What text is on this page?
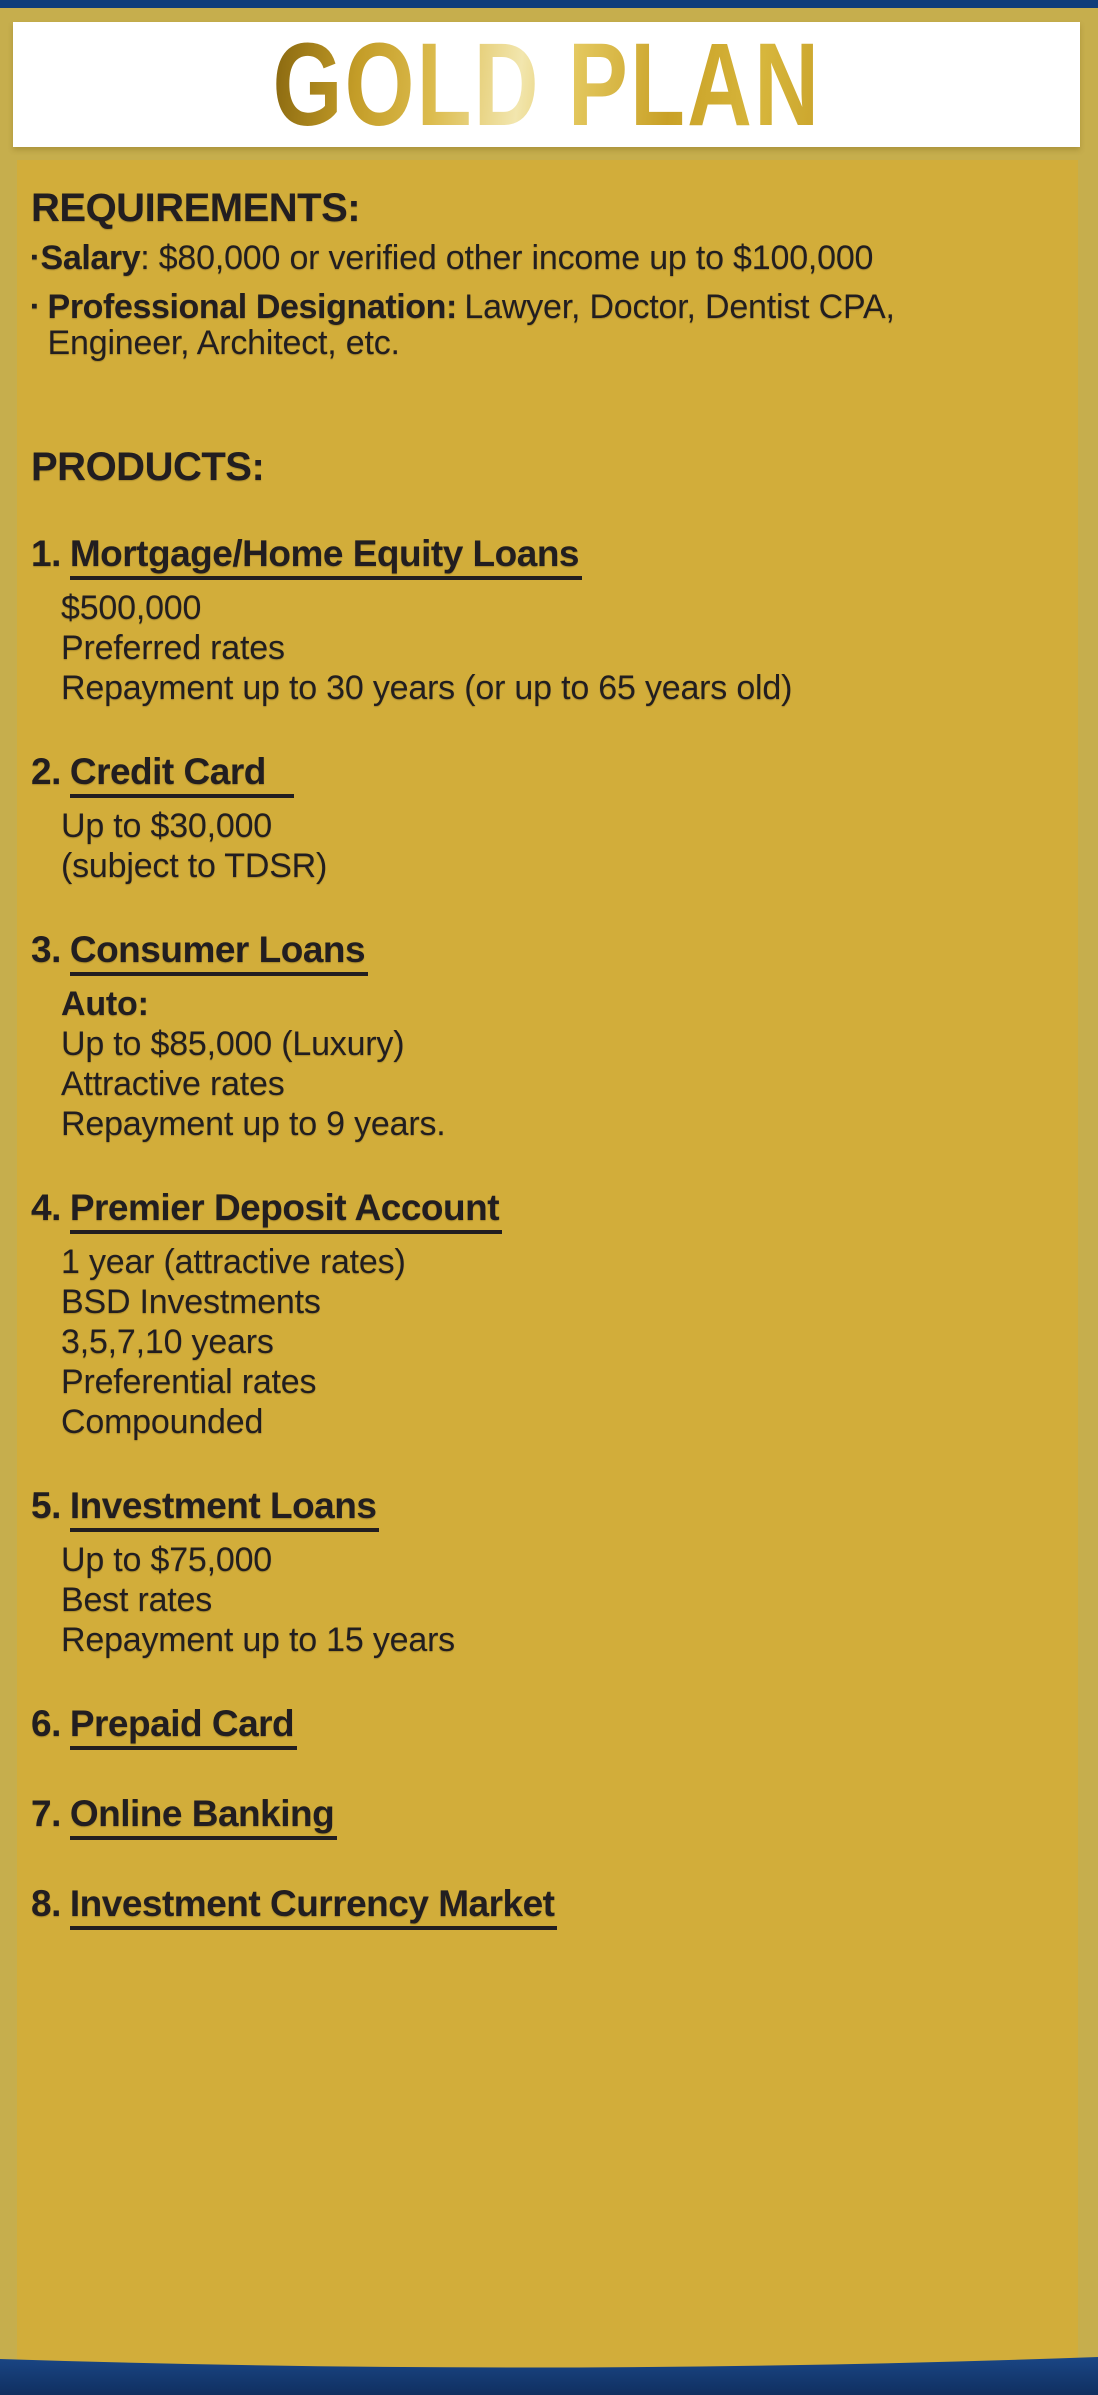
GOLD PLAN
REQUIREMENTS:

▪ Salary: $80,000 or verified other income up to $100,000

▪ Professional Designation: Lawyer, Doctor, Dentist CPA,
Engineer, Architect, etc.

PRODUCTS:
1. Mortgage/Home Equity Loans
$500,000
Preferred rates
Repayment up to 30 years (or up to 65 years old)
2. Credit Card
Up to $30,000
(subject to TDSR)
3. Consumer Loans
Auto:
Up to $85,000 (Luxury)
Attractive rates
Repayment up to 9 years.
4. Premier Deposit Account
1 year (attractive rates)
BSD Investments
3,5,7,10 years
Preferential rates
Compounded
5. Investment Loans
Up to $75,000
Best rates
Repayment up to 15 years
6. Prepaid Card
7. Online Banking
8. Investment Currency Market
